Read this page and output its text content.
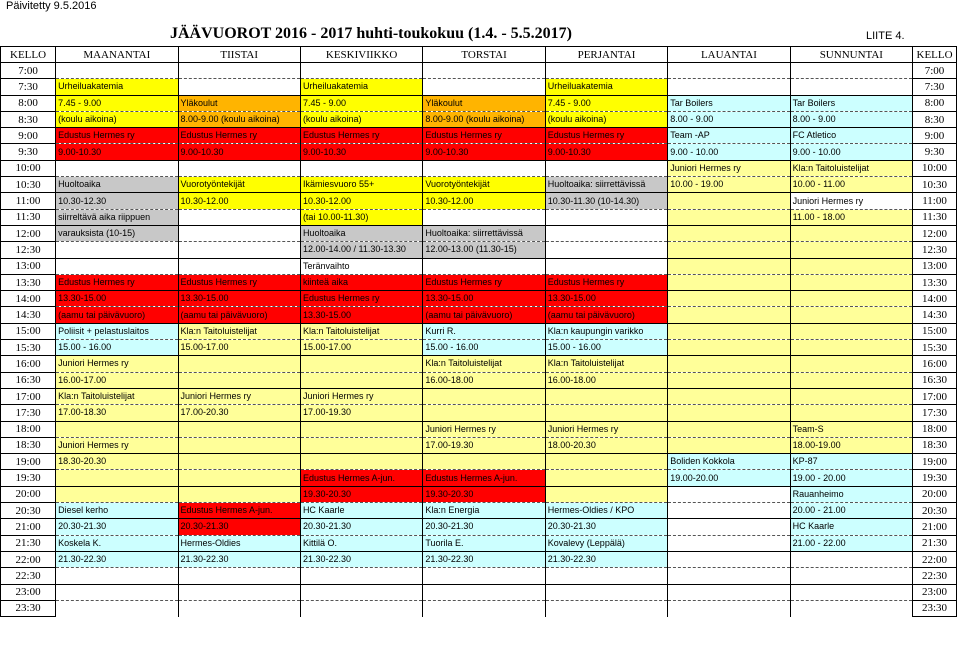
Päivitetty 9.5.2016
JÄÄVUOROT 2016 - 2017 huhti-toukokuu (1.4. - 5.5.2017)	LIITE 4.
KELLO	MAANANTAI	TIISTAI	KESKIVIIKKO	TORSTAI	PERJANTAI	LAUANTAI	SUNNUNTAI	KELLO
7:00								7:00
7:30	Urheiluakatemia		Urheiluakatemia		Urheiluakatemia			7:30
8:00	7.45 - 9.00	Yläkoulut	7.45 - 9.00	Yläkoulut	7.45 - 9.00	Tar Boilers	Tar Boilers	8:00
8:30	(koulu aikoina)	8.00-9.00 (koulu aikoina)	(koulu aikoina)	8.00-9.00 (koulu aikoina)	(koulu aikoina)	8.00 - 9.00	8.00 - 9.00	8:30
9:00	Edustus Hermes ry	Edustus Hermes ry	Edustus Hermes ry	Edustus Hermes ry	Edustus Hermes ry	Team -AP	FC Atletico	9:00
9:30	9.00-10.30	9.00-10.30	9.00-10.30	9.00-10.30	9.00-10.30	9.00 - 10.00	9.00 - 10.00	9:30
10:00						Juniori Hermes ry	Kla:n Taitoluistelijat	10:00
10:30	Huoltoaika	Vuorotyöntekijät	Ikämiesvuoro 55+	Vuorotyöntekijät	Huoltoaika: siirrettävissä	10.00 - 19.00	10.00 - 11.00	10:30
11:00	10.30-12.30	10.30-12.00	10.30-12.00	10.30-12.00	10.30-11.30 (10-14.30)		Juniori Hermes ry	11:00
11:30	siirreltävä aika riippuen		(tai 10.00-11.30)				11.00 - 18.00	11:30
12:00	varauksista (10-15)		Huoltoaika	Huoltoaika: siirrettävissä				12:00
12:30			12.00-14.00 / 11.30-13.30	12.00-13.00 (11.30-15)				12:30
13:00			Teränvaihto					13:00
13:30	Edustus Hermes ry	Edustus Hermes ry	kiinteä aika	Edustus Hermes ry	Edustus Hermes ry			13:30
14:00	13.30-15.00	13.30-15.00	Edustus Hermes ry	13.30-15.00	13.30-15.00			14:00
14:30	(aamu tai päivävuoro)	(aamu tai päivävuoro)	13.30-15.00	(aamu tai päivävuoro)	(aamu tai päivävuoro)			14:30
15:00	Poliisit + pelastuslaitos	Kla:n Taitoluistelijat	Kla:n Taitoluistelijat	Kurri R.	Kla:n kaupungin varikko			15:00
15:30	15.00 - 16.00	15.00-17.00	15.00-17.00	15.00 - 16.00	15.00 - 16.00			15:30
16:00	Juniori Hermes ry			Kla:n Taitoluistelijat	Kla:n Taitoluistelijat			16:00
16:30	16.00-17.00			16.00-18.00	16.00-18.00			16:30
17:00	Kla:n Taitoluistelijat	Juniori Hermes ry	Juniori Hermes ry					17:00
17:30	17.00-18.30	17.00-20.30	17.00-19.30					17:30
18:00				Juniori Hermes ry	Juniori Hermes ry		Team-S	18:00
18:30	Juniori Hermes ry			17.00-19.30	18.00-20.30		18.00-19.00	18:30
19:00	18.30-20.30					Boliden Kokkola	KP-87	19:00
19:30			Edustus Hermes A-jun.	Edustus Hermes A-jun.		19.00-20.00	19.00 - 20.00	19:30
20:00			19.30-20.30	19.30-20.30			Rauanheimo	20:00
20:30	Diesel kerho	Edustus Hermes A-jun.	HC Kaarle	Kla:n Energia	Hermes-Oldies / KPO		20.00 - 21.00	20:30
21:00	20.30-21.30	20.30-21.30	20.30-21.30	20.30-21.30	20.30-21.30		HC Kaarle	21:00
21:30	Koskela K.	Hermes-Oldies	Kittilä O.	Tuorila E.	Kovalevy (Leppälä)		21.00 - 22.00	21:30
22:00	21.30-22.30	21.30-22.30	21.30-22.30	21.30-22.30	21.30-22.30			22:00
22:30								22:30
23:00								23:00
23:30								23:30
